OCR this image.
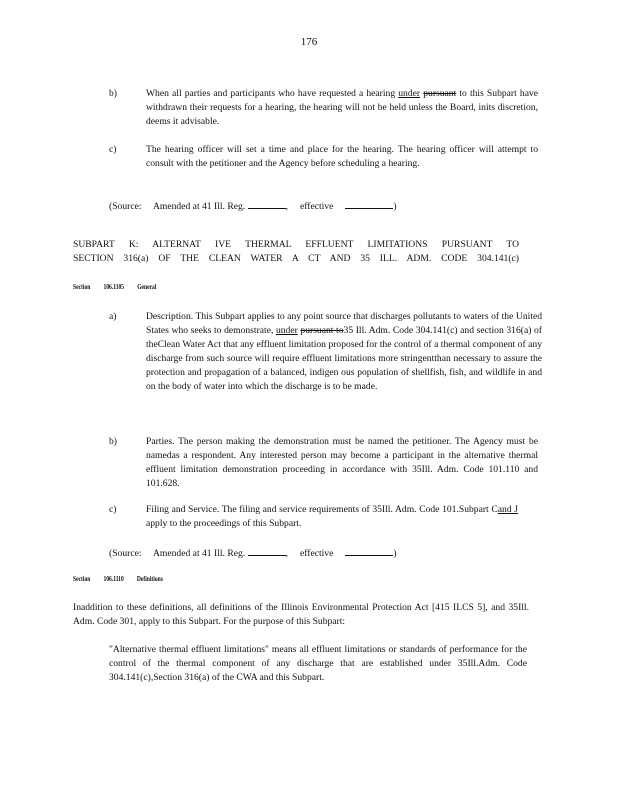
176
b)	When all parties and participants who have requested a hearing under pursuant to this Subpart have withdrawn their requests for a hearing, the hearing will not be held unless the Board, inits discretion, deems it advisable.
c)	The hearing officer will set a time and place for the hearing. The hearing officer will attempt to consult with the petitioner and the Agency before scheduling a hearing.
(Source: Amended at 41 Ill. Reg.	,     effective	)
SUBPART K: ALTERNAT IVE THERMAL EFFLUENT LIMITATIONS PURSUANT TO
SECTION 316(a) OF THE CLEAN WATER A CT AND 35 ILL. ADM. CODE 304.141(c)
Section 106.1105 General
a)	Description. This Subpart applies to any point source that discharges pollutants to waters of the United States who seeks to demonstrate, under pursuant to35 Ill. Adm. Code 304.141(c) and section 316(a) of theClean Water Act that any effluent limitation proposed for the control of a thermal component of any discharge from such source will require effluent limitations more stringentthan necessary to assure the protection and propagation of a balanced, indigen ous population of shellfish, fish, and wildlife in and on the body of water into which the discharge is to be made.
b)	Parties. The person making the demonstration must be named the petitioner. The Agency must be namedas a respondent. Any interested person may become a participant in the alternative thermal effluent limitation demonstration proceeding in accordance with 35Ill. Adm. Code 101.110 and 101.628.
c)	Filing and Service. The filing and service requirements of 35Ill. Adm. Code 101.Subpart Cand J apply to the proceedings of this Subpart.
(Source: Amended at 41 Ill. Reg.	,     effective	)
Section 106.1110 Definitions
Inaddition to these definitions, all definitions of the Illinois Environmental Protection Act [415 ILCS 5], and 35Ill. Adm. Code 301, apply to this Subpart. For the purpose of this Subpart:
"Alternative thermal effluent limitations" means all effluent limitations or standards of performance for the control of the thermal component of any discharge that are established under 35Ill.Adm. Code 304.141(c),Section 316(a) of the CWA and this Subpart.
